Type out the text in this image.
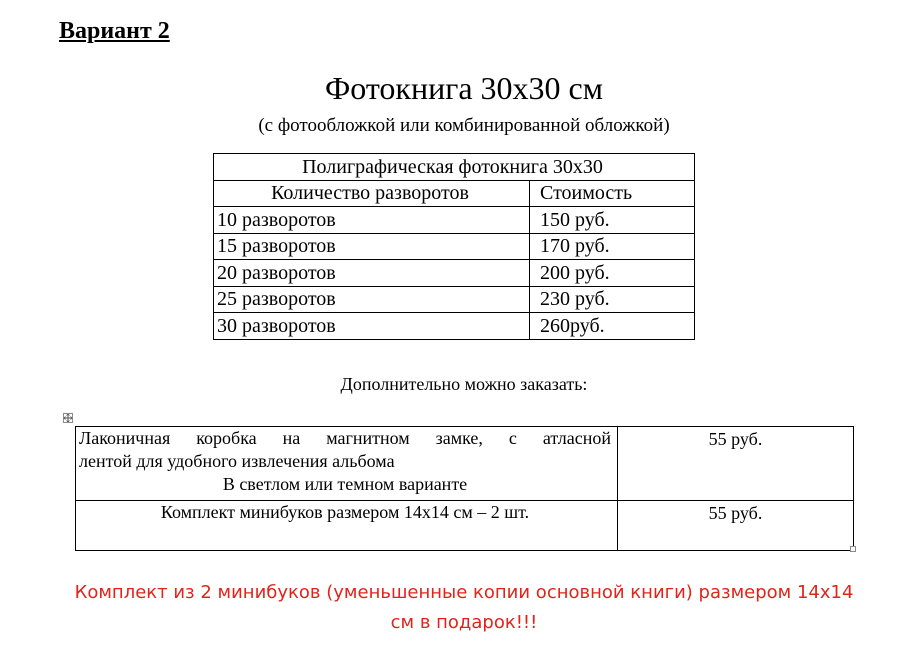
Вариант 2
Фотокнига 30х30 см
(с фотообложкой или комбинированной обложкой)
Полиграфическая фотокнига 30х30	
Количество разворотов	Стоимость
10 разворотов	150 руб.
15 разворотов	170 руб.
20 разворотов	200 руб.
25 разворотов	230 руб.
30 разворотов	260руб.
Дополнительно можно заказать:
Лаконичная коробка на магнитном замке, с атласной
лентой для удобного извлечения альбома
В светлом или темном варианте	55 руб.
Комплект минибуков размером 14х14 см – 2 шт.	55 руб.
Комплект из 2 минибуков (уменьшенные копии основной книги) размером 14х14
см в подарок!!!
